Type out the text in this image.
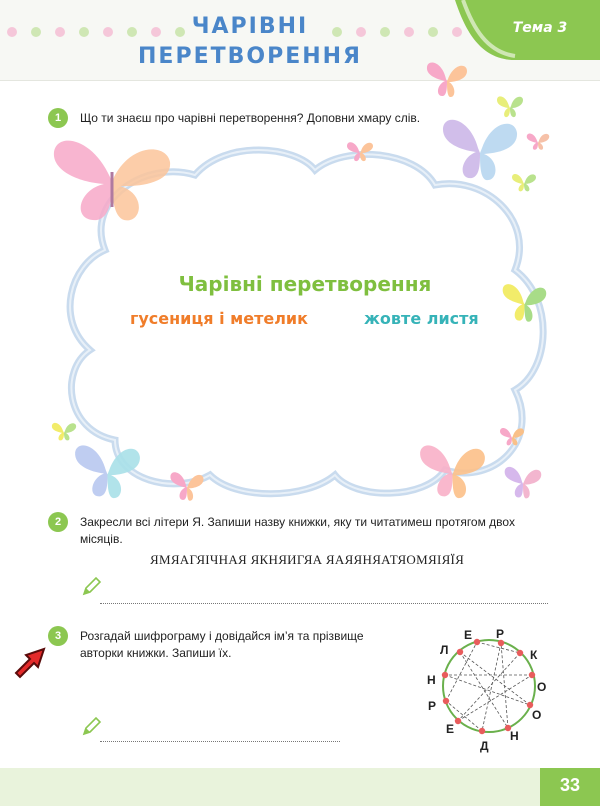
ЧАРІВНІ
ПЕРЕТВОРЕННЯ
Тема 3
1	Що ти знаєш про чарівні перетворення? Доповни хмару слів.
Чарівні перетворення
гусениця і метелик	жовте листя
2	Закресли всі літери Я. Запиши назву книжки, яку ти читатимеш протягом двох місяців.
ЯМЯАГЯІЧНАЯ ЯКНЯИГЯА ЯАЯЯНЯАТЯОМЯІЯЇЯ
3	Розгадай шифрограму і довідайся ім’я та прізвище авторки книжки. Запиши їх.
Е Р
К
О
О
Н
Д
Е
Р
Н
Л
33
